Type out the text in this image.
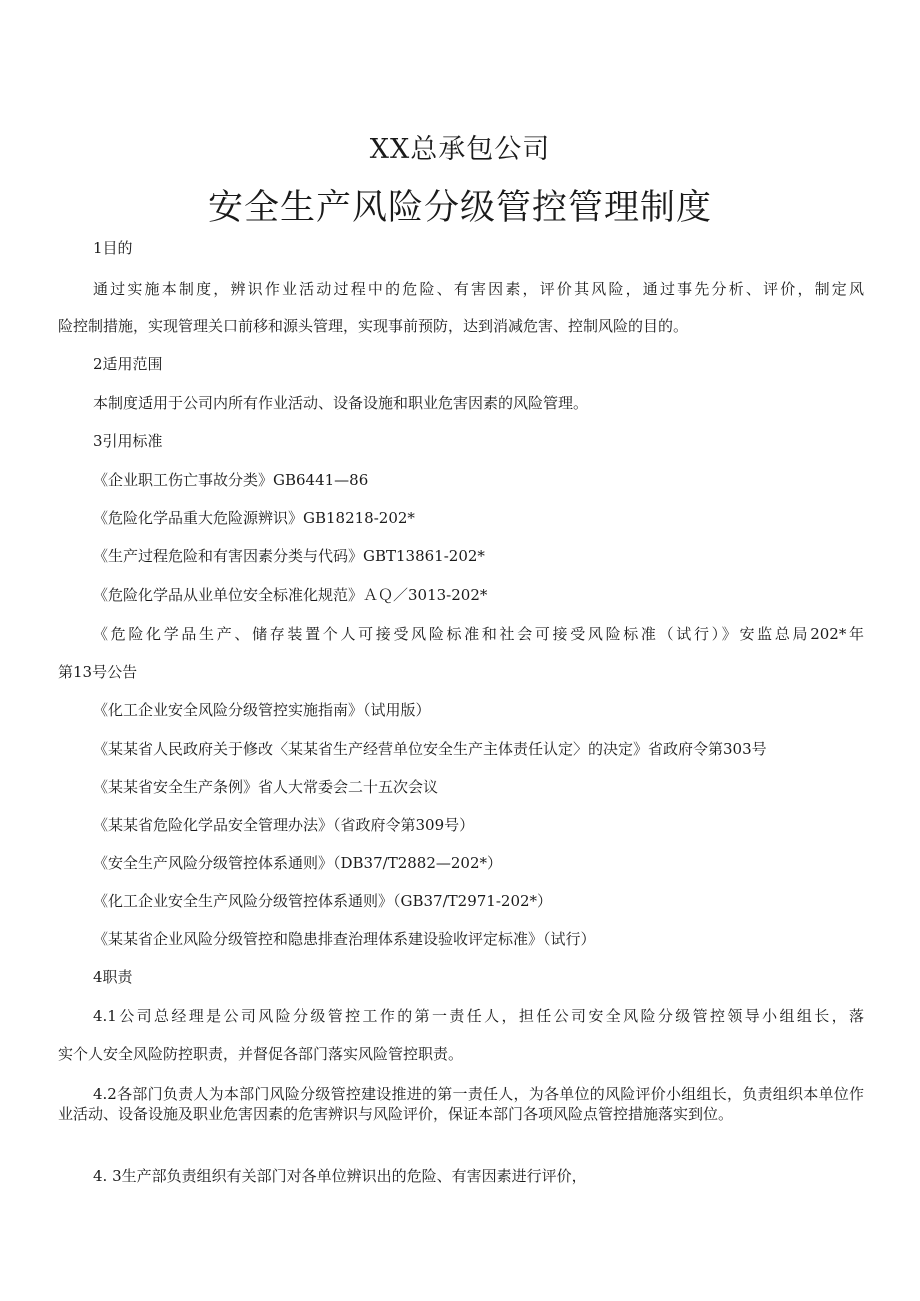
XX总承包公司
安全生产风险分级管控管理制度
1目的
通过实施本制度，辨识作业活动过程中的危险、有害因素，评价其风险，通过事先分析、评价，制定风
险控制措施，实现管理关口前移和源头管理，实现事前预防，达到消减危害、控制风险的目的。
2适用范围
本制度适用于公司内所有作业活动、设备设施和职业危害因素的风险管理。
3引用标准
《企业职工伤亡事故分类》GB6441—86
《危险化学品重大危险源辨识》GB18218-202*
《生产过程危险和有害因素分类与代码》GBT13861-202*
《危险化学品从业单位安全标准化规范》ＡＱ／3013-202*
《危险化学品生产、储存装置个人可接受风险标准和社会可接受风险标准（试行）》安监总局202*年
第13号公告
《化工企业安全风险分级管控实施指南》（试用版）
《某某省人民政府关于修改〈某某省生产经营单位安全生产主体责任认定〉的决定》省政府令第303号
《某某省安全生产条例》省人大常委会二十五次会议
《某某省危险化学品安全管理办法》（省政府令第309号）
《安全生产风险分级管控体系通则》（DB37/T2882—202*）
《化工企业安全生产风险分级管控体系通则》（GB37/T2971-202*）
《某某省企业风险分级管控和隐患排查治理体系建设验收评定标准》（试行）
4职责
4.1公司总经理是公司风险分级管控工作的第一责任人，担任公司安全风险分级管控领导小组组长，落
实个人安全风险防控职责，并督促各部门落实风险管控职责。
4.2各部门负责人为本部门风险分级管控建设推进的第一责任人，为各单位的风险评价小组组长，负责组织本单位作业活动、设备设施及职业危害因素的危害辨识与风险评价，保证本部门各项风险点管控措施落实到位。
4. 3生产部负责组织有关部门对各单位辨识出的危险、有害因素进行评价，
